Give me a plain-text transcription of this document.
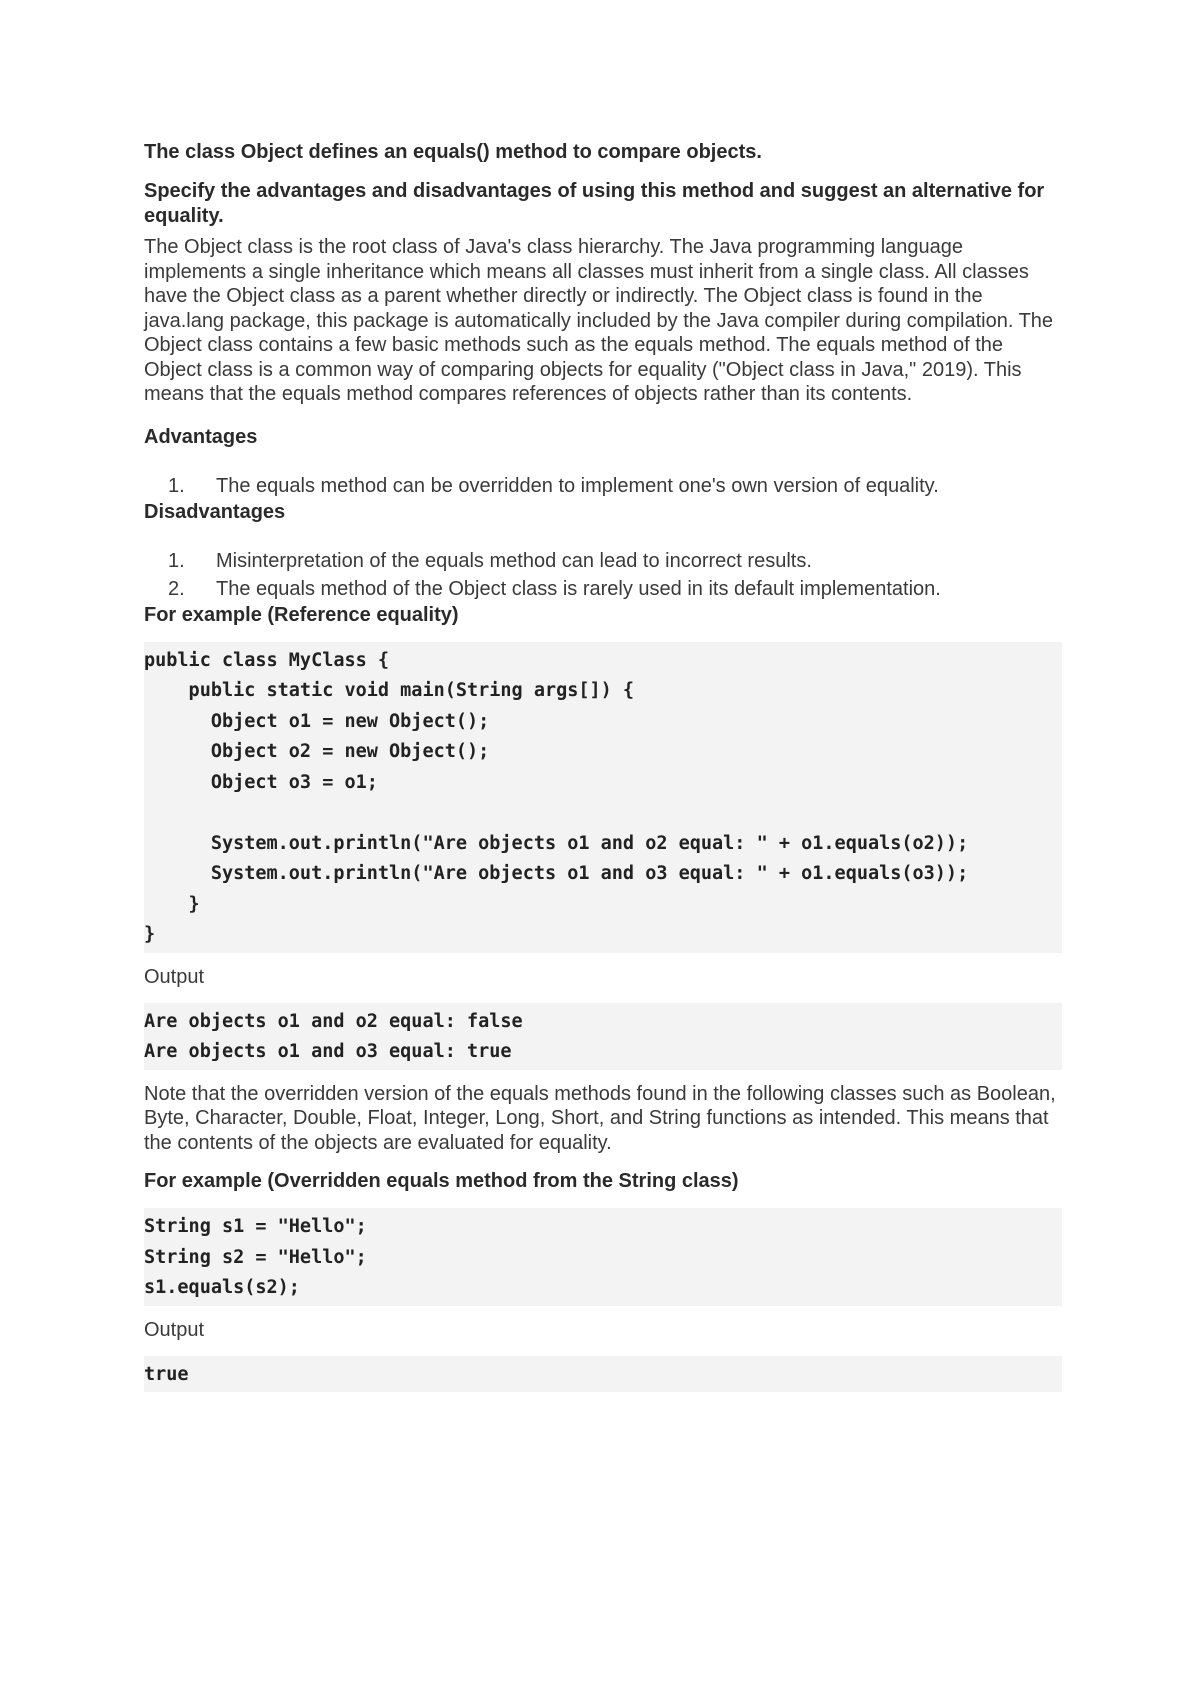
The class Object defines an equals() method to compare objects.

Specify the advantages and disadvantages of using this method and suggest an alternative for equality.

The Object class is the root class of Java's class hierarchy. The Java programming language implements a single inheritance which means all classes must inherit from a single class. All classes have the Object class as a parent whether directly or indirectly. The Object class is found in the java.lang package, this package is automatically included by the Java compiler during compilation. The Object class contains a few basic methods such as the equals method. The equals method of the Object class is a common way of comparing objects for equality ("Object class in Java," 2019). This means that the equals method compares references of objects rather than its contents.

Advantages

1.	The equals method can be overridden to implement one's own version of equality.

Disadvantages

1.	Misinterpretation of the equals method can lead to incorrect results.
2.	The equals method of the Object class is rarely used in its default implementation.

For example (Reference equality)

public class MyClass {
public static void main(String args[]) {
Object o1 = new Object();
Object o2 = new Object();
Object o3 = o1;

System.out.println("Are objects o1 and o2 equal: " + o1.equals(o2));
System.out.println("Are objects o1 and o3 equal: " + o1.equals(o3));
}
}

Output

Are objects o1 and o2 equal: false
Are objects o1 and o3 equal: true

Note that the overridden version of the equals methods found in the following classes such as Boolean, Byte, Character, Double, Float, Integer, Long, Short, and String functions as intended. This means that the contents of the objects are evaluated for equality.

For example (Overridden equals method from the String class)

String s1 = "Hello";
String s2 = "Hello";
s1.equals(s2);

Output

true
